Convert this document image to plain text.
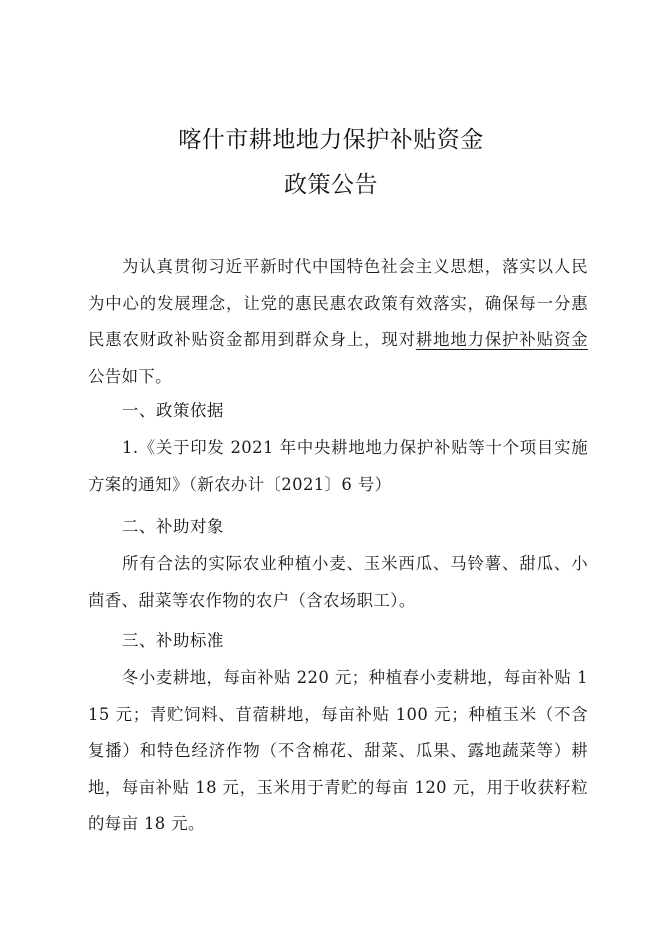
喀什市耕地地力保护补贴资金
政策公告

为认真贯彻习近平新时代中国特色社会主义思想，落实以人民为中心的发展理念，让党的惠民惠农政策有效落实，确保每一分惠民惠农财政补贴资金都用到群众身上，现对耕地地力保护补贴资金公告如下。

一、政策依据

1.《关于印发 2021 年中央耕地地力保护补贴等十个项目实施方案的通知》（新农办计〔2021〕6 号）

二、补助对象

所有合法的实际农业种植小麦、玉米西瓜、马铃薯、甜瓜、小茴香、甜菜等农作物的农户（含农场职工）。

三、补助标准

冬小麦耕地，每亩补贴 220 元；种植春小麦耕地，每亩补贴 115 元；青贮饲料、苜蓿耕地，每亩补贴 100 元；种植玉米（不含复播）和特色经济作物（不含棉花、甜菜、瓜果、露地蔬菜等）耕地，每亩补贴 18 元，玉米用于青贮的每亩 120 元，用于收获籽粒的每亩 18 元。
